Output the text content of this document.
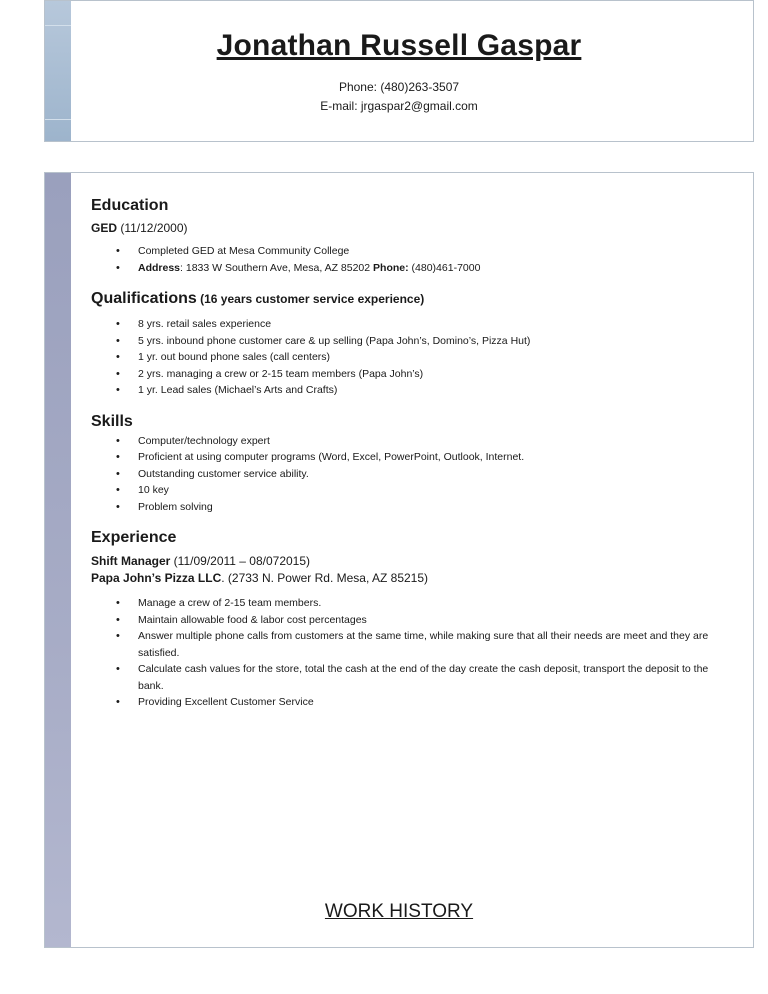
Jonathan Russell Gaspar
Phone: (480)263-3507
E-mail: jrgaspar2@gmail.com
Education
GED (11/12/2000)
• Completed GED at Mesa Community College
• Address: 1833 W Southern Ave, Mesa, AZ 85202 Phone: (480)461-7000
Qualifications (16 years customer service experience)
• 8 yrs. retail sales experience
• 5 yrs. inbound phone customer care & up selling (Papa John’s, Domino’s, Pizza Hut)
• 1 yr. out bound phone sales (call centers)
• 2 yrs. managing a crew or 2-15 team members (Papa John’s)
• 1 yr. Lead sales (Michael’s Arts and Crafts)
Skills
• Computer/technology expert
• Proficient at using computer programs (Word, Excel, PowerPoint, Outlook, Internet.
• Outstanding customer service ability.
• 10 key
• Problem solving
Experience
Shift Manager (11/09/2011 – 08/072015)
Papa John’s Pizza LLC. (2733 N. Power Rd. Mesa, AZ 85215)
• Manage a crew of 2-15 team members.
• Maintain allowable food & labor cost percentages
• Answer multiple phone calls from customers at the same time, while making sure that all their needs are meet and they are satisfied.
• Calculate cash values for the store, total the cash at the end of the day create the cash deposit, transport the deposit to the bank.
• Providing Excellent Customer Service
WORK HISTORY
